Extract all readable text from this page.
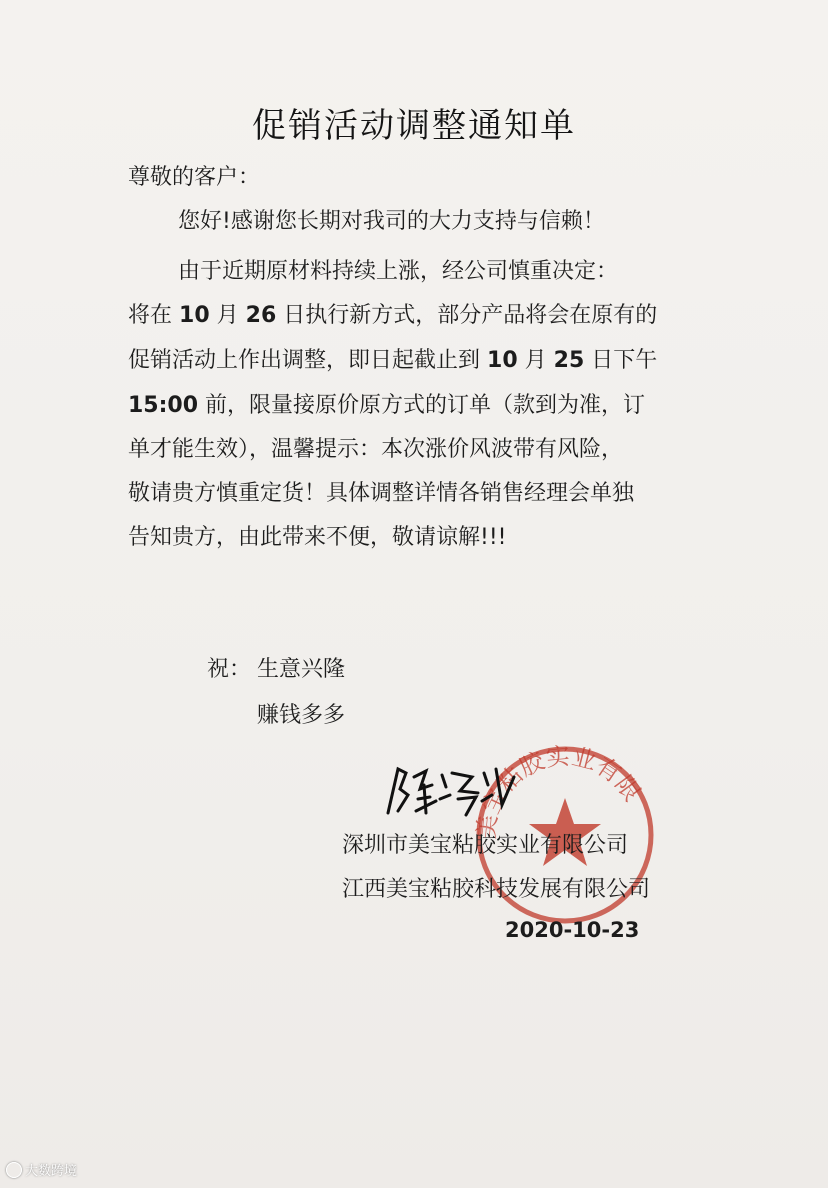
促销活动调整通知单
尊敬的客户：
您好!感谢您长期对我司的大力支持与信赖！
由于近期原材料持续上涨，经公司慎重决定：
将在 10 月 26 日执行新方式，部分产品将会在原有的
促销活动上作出调整，即日起截止到 10 月 25 日下午
15:00 前，限量接原价原方式的订单（款到为准，订
单才能生效），温馨提示：本次涨价风波带有风险，
敬请贵方慎重定货！具体调整详情各销售经理会单独
告知贵方，由此带来不便，敬请谅解!!!
祝： 生意兴隆
赚钱多多
美宝粘胶实业有限
深圳市美宝粘胶实业有限公司
江西美宝粘胶科技发展有限公司
2020-10-23
大数跨境
